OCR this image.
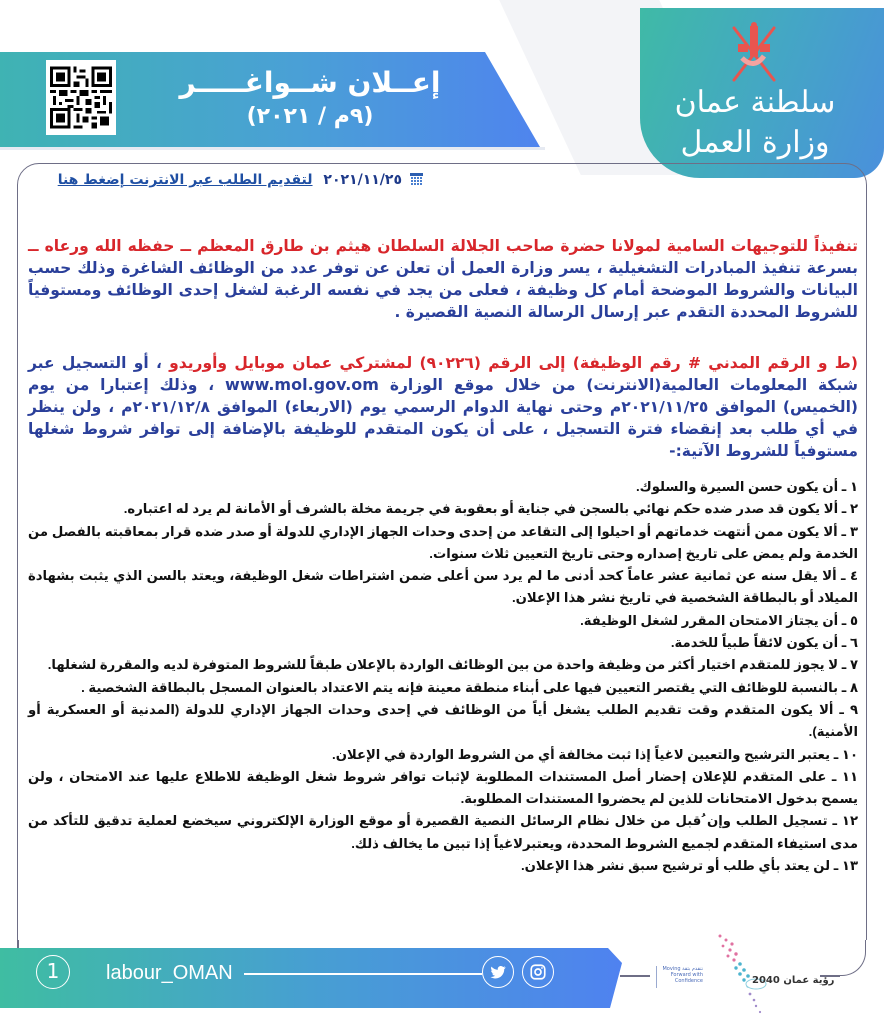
إعــلان شــواغـــــر
(٩م / ٢٠٢١)	سلطنة عمان
وزارة العمل
٢٠٢١/١١/٢٥ لتقديم الطلب عبر الانترنت إضغط هنا
تنفيذاً للتوجيهات السامية لمولانا حضرة صاحب الجلالة السلطان هيثم بن طارق المعظم ــ حفظه الله ورعاه ــ بسرعة تنفيذ المبادرات التشغيلية ، يسر وزارة العمل أن تعلن عن توفر عدد من الوظائف الشاغرة وذلك حسب البيانات والشروط الموضحة أمام كل وظيفة ، فعلى من يجد في نفسه الرغبة لشغل إحدى الوظائف ومستوفياً للشروط المحددة التقدم عبر إرسال الرسالة النصية القصيرة .
(ط و الرقم المدني # رقم الوظيفة) إلى الرقم (٩٠٢٢٦) لمشتركي عمان موبايل وأوريدو ، أو التسجيل عبر شبكة المعلومات العالمية(الانترنت) من خلال موقع الوزارة www.mol.gov.om ، وذلك إعتبارا من يوم (الخميس) الموافق ٢٠٢١/١١/٢٥م وحتى نهاية الدوام الرسمي يوم (الاربعاء) الموافق ٢٠٢١/١٢/٨م ، ولن ينظر في أي طلب بعد إنقضاء فترة التسجيل ، على أن يكون المتقدم للوظيفة بالإضافة إلى توافر شروط شغلها مستوفياً للشروط الآتية:-
١ ـ أن يكون حسن السيرة والسلوك.
٢ ـ ألا يكون قد صدر ضده حكم نهائي بالسجن في جناية أو بعقوبة في جريمة مخلة بالشرف أو الأمانة لم يرد له اعتباره.
٣ ـ ألا يكون ممن أنتهت خدماتهم أو احيلوا إلى التقاعد من إحدى وحدات الجهاز الإداري للدولة أو صدر ضده قرار بمعاقبته بالفصل من الخدمة ولم يمض على تاريخ إصداره وحتى تاريخ التعيين ثلاث سنوات.
٤ ـ ألا يقل سنه عن ثمانية عشر عاماً كحد أدنى ما لم يرد سن أعلى ضمن اشتراطات شغل الوظيفة، ويعتد بالسن الذي يثبت بشهادة الميلاد أو بالبطاقة الشخصية في تاريخ نشر هذا الإعلان.
٥ ـ أن يجتاز الامتحان المقرر لشغل الوظيفة.
٦ ـ أن يكون لائقاً طبياً للخدمة.
٧ ـ لا يجوز للمتقدم اختيار أكثر من وظيفة واحدة من بين الوظائف الواردة بالإعلان طبقاً للشروط المتوفرة لديه والمقررة لشغلها.
٨ ـ بالنسبة للوظائف التي يقتصر التعيين فيها على أبناء منطقة معينة فإنه يتم الاعتداد بالعنوان المسجل بالبطاقة الشخصية .
٩ ـ ألا يكون المتقدم وقت تقديم الطلب يشغل أياً من الوظائف في إحدى وحدات الجهاز الإداري للدولة (المدنية أو العسكرية أو الأمنية).
١٠ ـ يعتبر الترشيح والتعيين لاغياً إذا ثبت مخالفة أي من الشروط الواردة في الإعلان.
١١ ـ على المتقدم للإعلان إحضار أصل المستندات المطلوبة لإثبات توافر شروط شغل الوظيفة للاطلاع عليها عند الامتحان ، ولن يسمح بدخول الامتحانات للذين لم يحضروا المستندات المطلوبة.
١٢ ـ تسجيل الطلب وإن ُقبل من خلال نظام الرسائل النصية القصيرة أو موقع الوزارة الإلكتروني سيخضع لعملية تدقيق للتأكد من مدى استيفاء المتقدم لجميع الشروط المحددة، ويعتبرلاغياً إذا تبين ما يخالف ذلك.
١٣ ـ لن يعتد بأي طلب أو ترشيح سبق نشر هذا الإعلان.
1	labour_OMAN	نتقدم بثقة Moving Forward with Confidence	رؤية عمان 2040
